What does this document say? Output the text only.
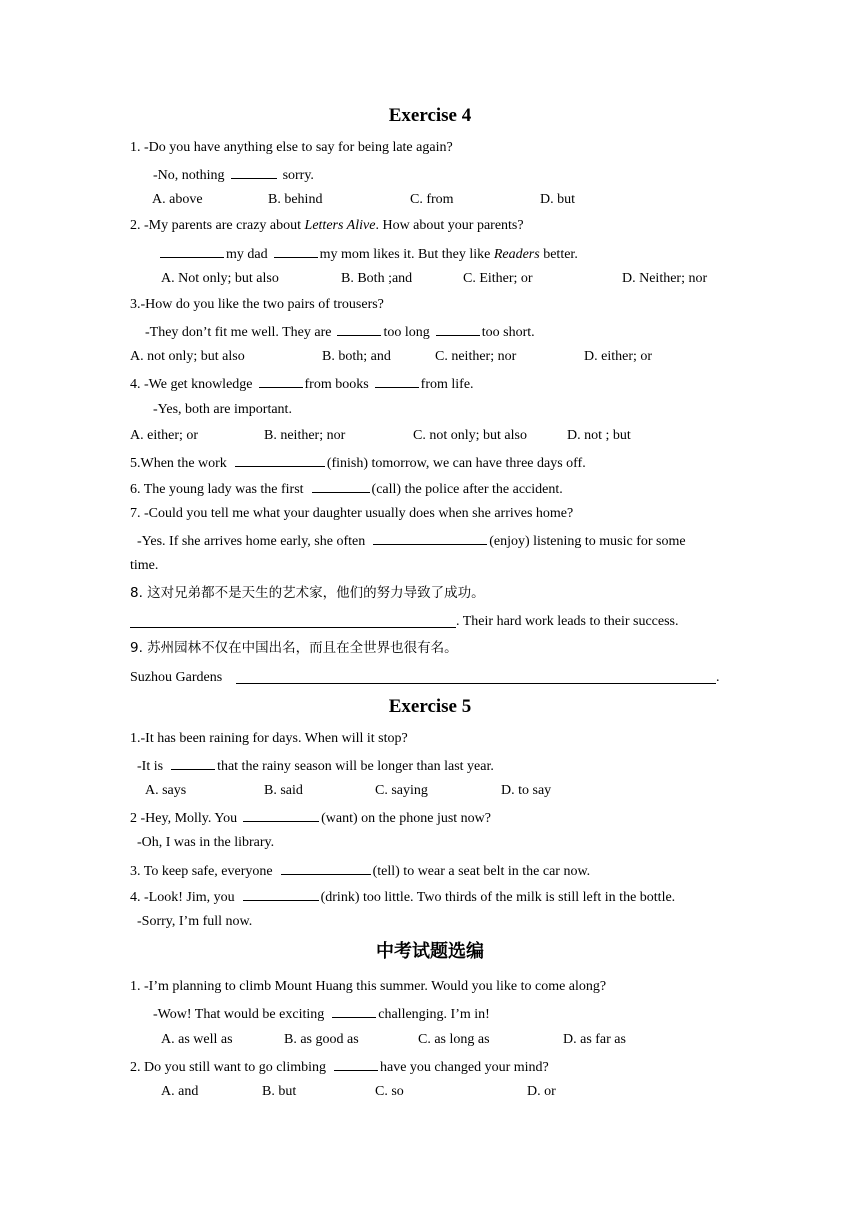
Exercise 4
1. -Do you have anything else to say for being late again?
-No, nothing	sorry.
A. above	B. behind	C. from	D. but
2. -My parents are crazy about Letters Alive. How about your parents?
my dad	my mom likes it. But they like Readers better.
A. Not only; but also	B. Both ;and	C. Either; or	D. Neither; nor
3.-How do you like the two pairs of trousers?
-They don’t fit me well. They are	too long	too short.
A. not only; but also	B. both; and	C. neither; nor	D. either; or
4. -We get knowledge	from books	from life.
-Yes, both are important.
A. either; or	B. neither; nor	C. not only; but also	D. not ; but
5.When the work	(finish) tomorrow, we can have three days off.
6. The young lady was the first	(call) the police after the accident.
7. -Could you tell me what your daughter usually does when she arrives home?
-Yes. If she arrives home early, she often	(enjoy) listening to music for some
time.
8. 这对兄弟都不是天生的艺术家，他们的努力导致了成功。
. Their hard work leads to their success.
9. 苏州园林不仅在中国出名，而且在全世界也很有名。
Suzhou Gardens	.
Exercise 5
1.-It has been raining for days. When will it stop?
-It is	that the rainy season will be longer than last year.
A. says	B. said	C. saying	D. to say
2 -Hey, Molly. You	(want) on the phone just now?
-Oh, I was in the library.
3. To keep safe, everyone	(tell) to wear a seat belt in the car now.
4. -Look! Jim, you	(drink) too little. Two thirds of the milk is still left in the bottle.
-Sorry, I’m full now.
中考试题选编
1. -I’m planning to climb Mount Huang this summer. Would you like to come along?
-Wow! That would be exciting	challenging. I’m in!
A. as well as	B. as good as	C. as long as	D. as far as
2. Do you still want to go climbing	have you changed your mind?
A. and	B. but	C. so	D. or
